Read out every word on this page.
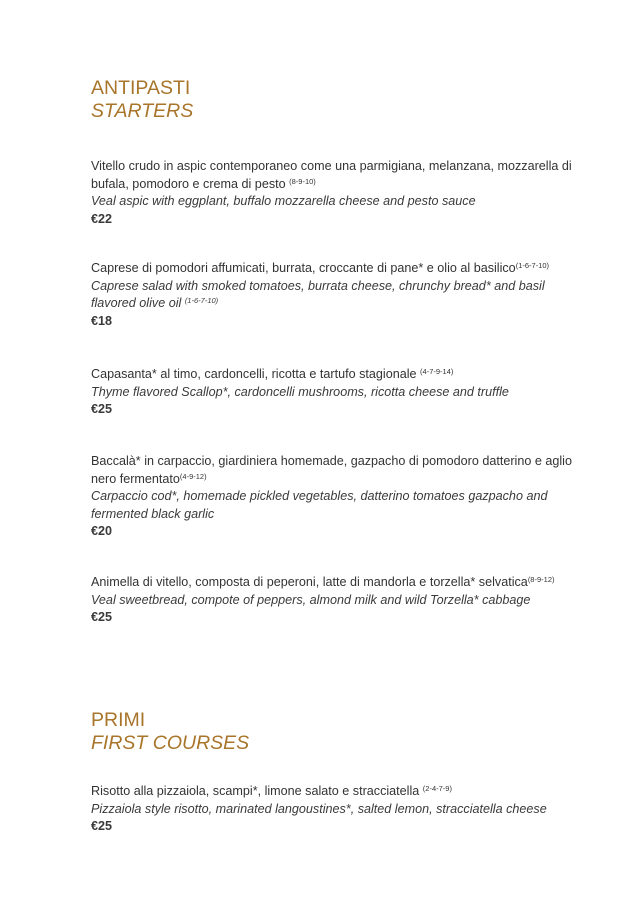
ANTIPASTI
STARTERS

Vitello crudo in aspic contemporaneo come una parmigiana, melanzana, mozzarella di bufala, pomodoro e crema di pesto $^{(8-9-10)}$

Veal aspic with eggplant, buffalo mozzarella cheese and pesto sauce

€22

Caprese di pomodori affumicati, burrata, croccante di pane* e olio al basilico$^{(1-6-7-10)}$

Caprese salad with smoked tomatoes, burrata cheese, chrunchy bread* and basil flavored olive oil $^{(1-6-7-10)}$

€18

Capasanta* al timo, cardoncelli, ricotta e tartufo stagionale $^{(4-7-9-14)}$

Thyme flavored Scallop*, cardoncelli mushrooms, ricotta cheese and truffle

€25

Baccalà* in carpaccio, giardiniera homemade, gazpacho di pomodoro datterino e aglio nero fermentato$^{(4-9-12)}$

Carpaccio cod*, homemade pickled vegetables, datterino tomatoes gazpacho and fermented black garlic

€20

Animella di vitello, composta di peperoni, latte di mandorla e torzella* selvatica$^{(8-9-12)}$

Veal sweetbread, compote of peppers, almond milk and wild Torzella* cabbage

€25

PRIMI
FIRST COURSES

Risotto alla pizzaiola, scampi*, limone salato e stracciatella $^{(2-4-7-9)}$

Pizzaiola style risotto, marinated langoustines*, salted lemon, stracciatella cheese

€25
